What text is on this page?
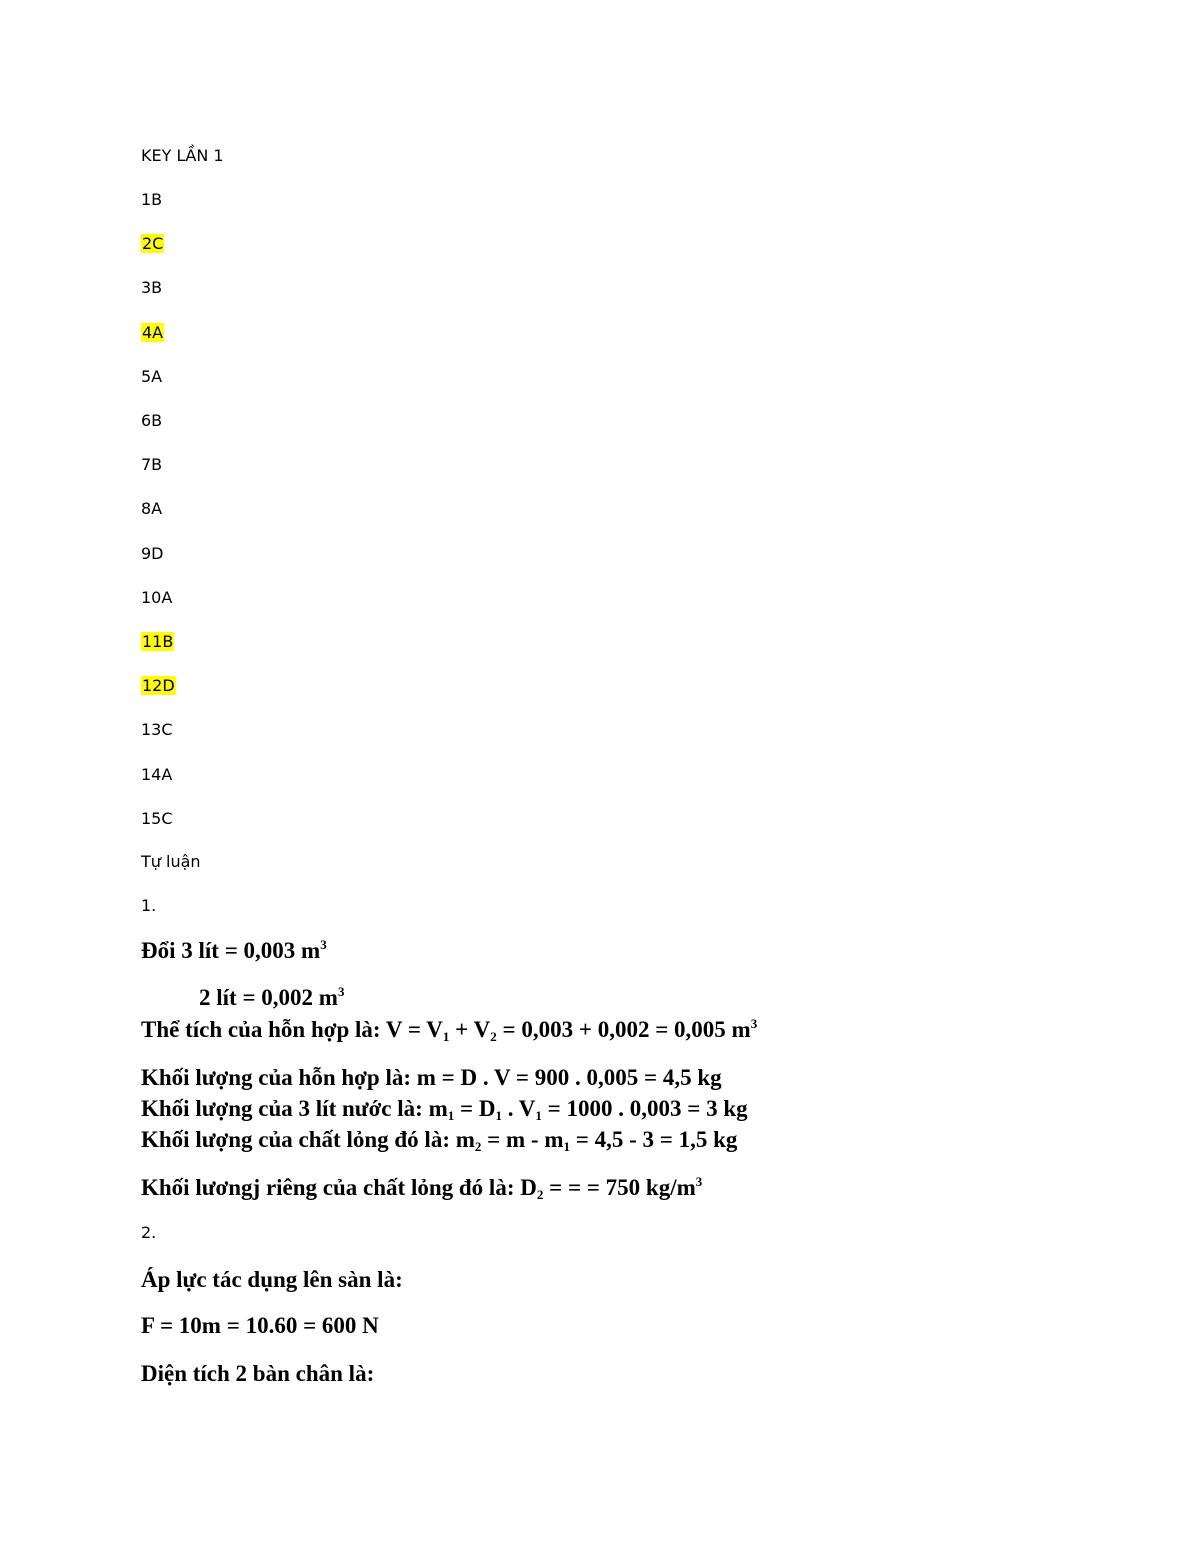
KEY LẦN 1
1B
2C
3B
4A
5A
6B
7B
8A
9D
10A
11B
12D
13C
14A
15C
Tự luận
1.
Đổi 3 lít = 0,003 $m^3$
2 lít = 0,002 $m^3$
Thể tích của hỗn hợp là: $V = V_1 + V_2 = 0,003 + 0,002 = 0,005$ $m^3$
Khối lượng của hỗn hợp là: m = D . V = 900 . 0,005 = 4,5 kg
Khối lượng của 3 lít nước là: $m_1 = D_1$ . $V_1 = 1000$ . 0,003 = 3 kg
Khối lượng của chất lỏng đó là: $m_2 = m - m_1 = 4,5 - 3 = 1,5$ kg
Khối lươngj riêng của chất lỏng đó là: $D_2$ = = = 750 $kg/m^3$
2.
Áp lực tác dụng lên sàn là:
F = 10m = 10.60 = 600 N
Diện tích 2 bàn chân là:
